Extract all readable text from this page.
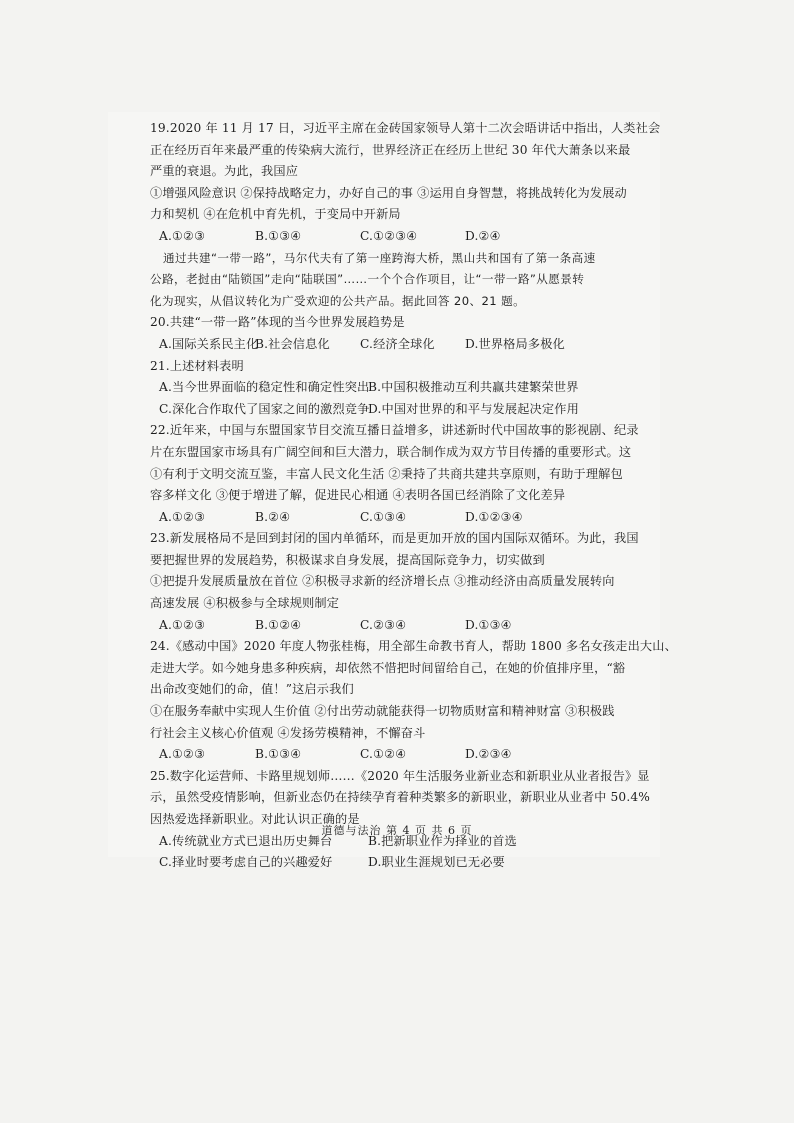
19.2020 年 11 月 17 日，习近平主席在金砖国家领导人第十二次会晤讲话中指出，人类社会
正在经历百年来最严重的传染病大流行，世界经济正在经历上世纪 30 年代大萧条以来最
严重的衰退。为此，我国应
①增强风险意识 ②保持战略定力，办好自己的事 ③运用自身智慧，将挑战转化为发展动
力和契机 ④在危机中育先机，于变局中开新局
A.①②③	B.①③④	C.①②③④	D.②④
通过共建“一带一路”，马尔代夫有了第一座跨海大桥，黑山共和国有了第一条高速
公路，老挝由“陆锁国”走向“陆联国”……一个个合作项目，让“一带一路”从愿景转
化为现实，从倡议转化为广受欢迎的公共产品。据此回答 20、21 题。
20.共建“一带一路”体现的当今世界发展趋势是
A.国际关系民主化
B.社会信息化	C.经济全球化	D.世界格局多极化
21.上述材料表明
A.当今世界面临的稳定性和确定性突出
B.中国积极推动互利共赢共建繁荣世界
C.深化合作取代了国家之间的激烈竞争
D.中国对世界的和平与发展起决定作用
22.近年来，中国与东盟国家节目交流互播日益增多，讲述新时代中国故事的影视剧、纪录
片在东盟国家市场具有广阔空间和巨大潜力，联合制作成为双方节目传播的重要形式。这
①有利于文明交流互鉴，丰富人民文化生活 ②秉持了共商共建共享原则，有助于理解包
容多样文化 ③便于增进了解，促进民心相通 ④表明各国已经消除了文化差异
A.①②③	B.②④	C.①③④	D.①②③④
23.新发展格局不是回到封闭的国内单循环，而是更加开放的国内国际双循环。为此，我国
要把握世界的发展趋势，积极谋求自身发展，提高国际竞争力，切实做到
①把提升发展质量放在首位 ②积极寻求新的经济增长点 ③推动经济由高质量发展转向
高速发展 ④积极参与全球规则制定
A.①②③	B.①②④	C.②③④	D.①③④
24.《感动中国》2020 年度人物张桂梅，用全部生命教书育人，帮助 1800 多名女孩走出大山、
走进大学。如今她身患多种疾病，却依然不惜把时间留给自己，在她的价值排序里，“豁
出命改变她们的命，值！”这启示我们
①在服务奉献中实现人生价值 ②付出劳动就能获得一切物质财富和精神财富 ③积极践
行社会主义核心价值观 ④发扬劳模精神，不懈奋斗
A.①②③	B.①③④	C.①②④	D.②③④
25.数字化运营师、卡路里规划师……《2020 年生活服务业新业态和新职业从业者报告》显
示，虽然受疫情影响，但新业态仍在持续孕育着种类繁多的新职业，新职业从业者中 50.4%
因热爱选择新职业。对此认识正确的是
A.传统就业方式已退出历史舞台	B.把新职业作为择业的首选
C.择业时要考虑自己的兴趣爱好	D.职业生涯规划已无必要
道德与法治 第 4 页 共 6 页
